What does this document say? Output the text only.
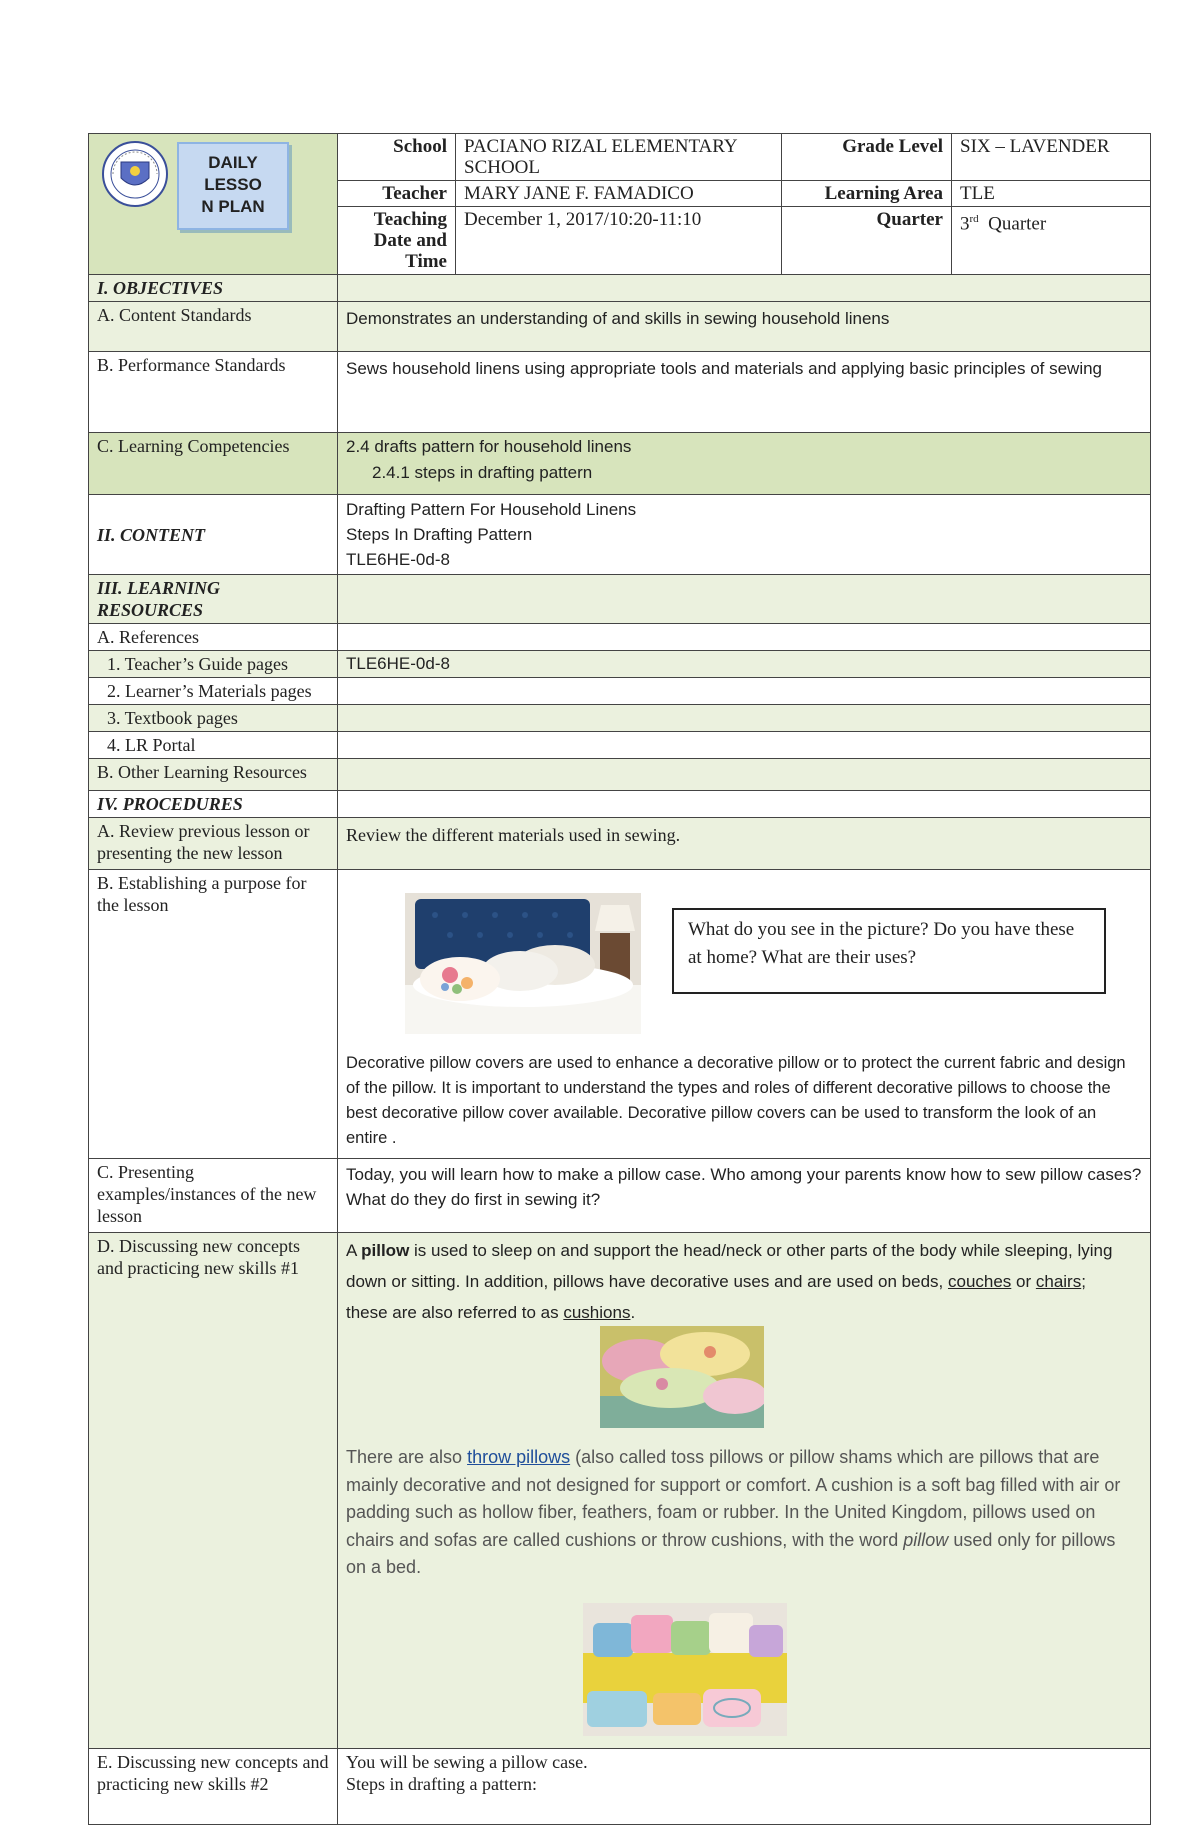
DAILY
LESSO
N PLAN	School	PACIANO RIZAL ELEMENTARY SCHOOL	Grade Level	SIX – LAVENDER
	Teacher	MARY JANE F. FAMADICO	Learning Area	TLE
	Teaching Date and Time	December 1, 2017/10:20-11:10	Quarter	3rd Quarter
I. OBJECTIVES				
A. Content Standards	Demonstrates an understanding of and skills in sewing household linens			
B. Performance Standards	Sews household linens using appropriate tools and materials and applying basic principles of sewing			
C. Learning Competencies	2.4 drafts pattern for household linens
2.4.1 steps in drafting pattern			

II. CONTENT	Drafting Pattern For Household Linens
Steps In Drafting Pattern
TLE6HE-0d-8			

III. LEARNING RESOURCES				
A. References				
1. Teacher’s Guide pages	TLE6HE-0d-8			
2. Learner’s Materials pages				
3. Textbook pages				
4. LR Portal				
B. Other Learning Resources				
IV. PROCEDURES				
A. Review previous lesson or presenting the new lesson	Review the different materials used in sewing.			
B. Establishing a purpose for the lesson	What do you see in the picture? Do you have these at home? What are their uses?
Decorative pillow covers are used to enhance a decorative pillow or to protect the current fabric and design of the pillow. It is important to understand the types and roles of different decorative pillows to choose the best decorative pillow cover available. Decorative pillow covers can be used to transform the look of an entire .			

C. Presenting examples/instances of the new lesson	Today, you will learn how to make a pillow case. Who among your parents know how to sew pillow cases? What do they do first in sewing it?			
D. Discussing new concepts and practicing new skills #1	A pillow is used to sleep on and support the head/neck or other parts of the body while sleeping, lying down or sitting. In addition, pillows have decorative uses and are used on beds, couches or chairs; these are also referred to as cushions.
There are also throw pillows (also called toss pillows or pillow shams which are pillows that are mainly decorative and not designed for support or comfort. A cushion is a soft bag filled with air or padding such as hollow fiber, feathers, foam or rubber. In the United Kingdom, pillows used on chairs and sofas are called cushions or throw cushions, with the word pillow used only for pillows on a bed.			

E. Discussing new concepts and practicing new skills #2	You will be sewing a pillow case.
Steps in drafting a pattern:			
